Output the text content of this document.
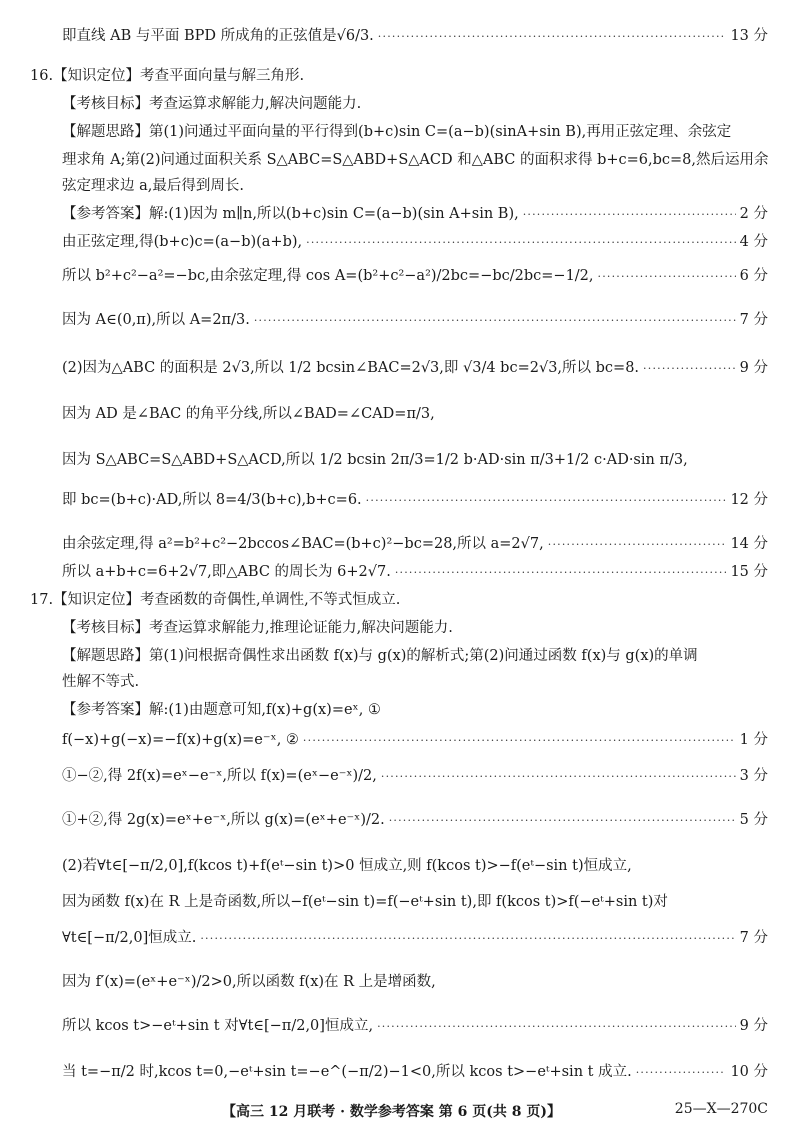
即直线 AB 与平面 BPD 所成角的正弦值是√6/3. ·····	13 分
16.【知识定位】考查平面向量与解三角形.
【考核目标】考查运算求解能力,解决问题能力.
【解题思路】第(1)问通过平面向量的平行得到(b+c)sin C=(a−b)(sinA+sin B),再用正弦定理、余弦定
理求角 A;第(2)问通过面积关系 S△ABC=S△ABD+S△ACD 和△ABC 的面积求得 b+c=6,bc=8,然后运用余
弦定理求边 a,最后得到周长.
【参考答案】解:(1)因为 m∥n,所以(b+c)sin C=(a−b)(sin A+sin B), ·····	2 分
由正弦定理,得(b+c)c=(a−b)(a+b), ·····	4 分
所以 b²+c²−a²=−bc,由余弦定理,得 cos A=(b²+c²−a²)/2bc=−bc/2bc=−1/2, ·····	6 分
因为 A∈(0,π),所以 A=2π/3. ·····	7 分
(2)因为△ABC 的面积是 2√3,所以 1/2 bcsin∠BAC=2√3,即 √3/4 bc=2√3,所以 bc=8. ·····	9 分
因为 AD 是∠BAC 的角平分线,所以∠BAD=∠CAD=π/3,
因为 S△ABC=S△ABD+S△ACD,所以 1/2 bcsin 2π/3=1/2 b·AD·sin π/3+1/2 c·AD·sin π/3,
即 bc=(b+c)·AD,所以 8=4/3(b+c),b+c=6. ·····	12 分
由余弦定理,得 a²=b²+c²−2bccos∠BAC=(b+c)²−bc=28,所以 a=2√7, ·····	14 分
所以 a+b+c=6+2√7,即△ABC 的周长为 6+2√7. ·····	15 分
17.【知识定位】考查函数的奇偶性,单调性,不等式恒成立.
【考核目标】考查运算求解能力,推理论证能力,解决问题能力.
【解题思路】第(1)问根据奇偶性求出函数 f(x)与 g(x)的解析式;第(2)问通过函数 f(x)与 g(x)的单调
性解不等式.
【参考答案】解:(1)由题意可知,f(x)+g(x)=eˣ, ①
f(−x)+g(−x)=−f(x)+g(x)=e⁻ˣ, ② ·····	1 分
①−②,得 2f(x)=eˣ−e⁻ˣ,所以 f(x)=(eˣ−e⁻ˣ)/2, ·····	3 分
①+②,得 2g(x)=eˣ+e⁻ˣ,所以 g(x)=(eˣ+e⁻ˣ)/2. ·····	5 分
(2)若∀t∈[−π/2,0],f(kcos t)+f(eᵗ−sin t)>0 恒成立,则 f(kcos t)>−f(eᵗ−sin t)恒成立,
因为函数 f(x)在 R 上是奇函数,所以−f(eᵗ−sin t)=f(−eᵗ+sin t),即 f(kcos t)>f(−eᵗ+sin t)对
∀t∈[−π/2,0]恒成立. ·····	7 分
因为 f′(x)=(eˣ+e⁻ˣ)/2>0,所以函数 f(x)在 R 上是增函数,
所以 kcos t>−eᵗ+sin t 对∀t∈[−π/2,0]恒成立, ·····	9 分
当 t=−π/2 时,kcos t=0,−eᵗ+sin t=−e^(−π/2)−1<0,所以 kcos t>−eᵗ+sin t 成立. ·····	10 分
【高三 12 月联考 · 数学参考答案 第 6 页(共 8 页)】	25—X—270C
